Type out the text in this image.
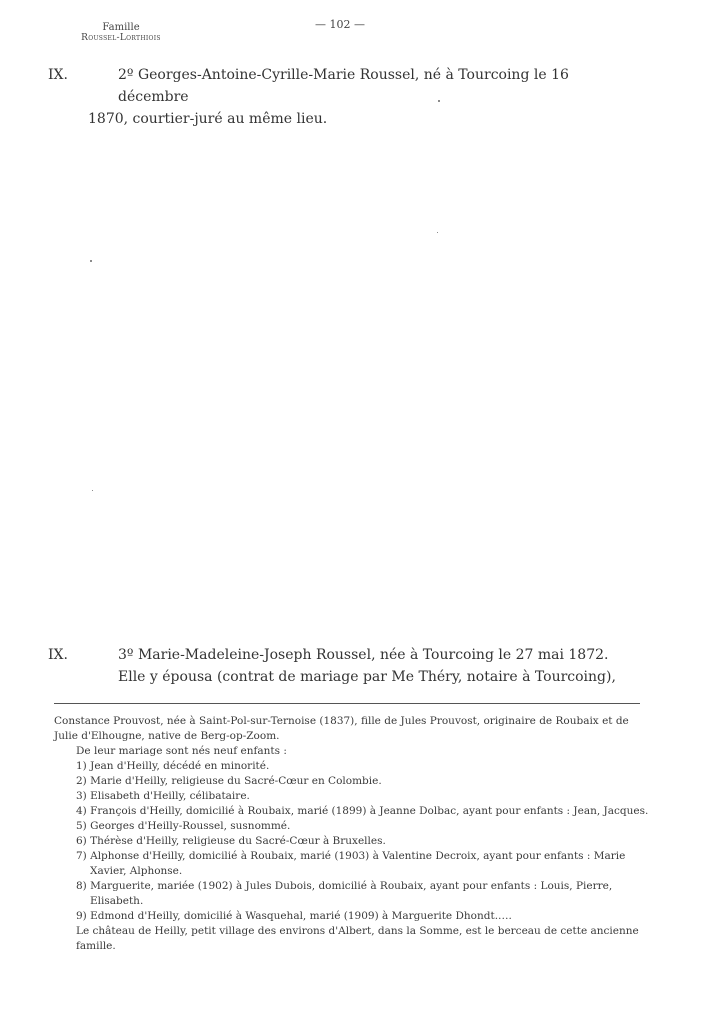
Famille
Roussel-Lorthiois
— 102 —
IX.	2º Georges-Antoine-Cyrille-Marie Roussel, né à Tourcoing le 16 décembre
1870, courtier-juré au même lieu.
IX.	3º Marie-Madeleine-Joseph Roussel, née à Tourcoing le 27 mai 1872.
Elle y épousa (contrat de mariage par Me Théry, notaire à Tourcoing),

Constance Prouvost, née à Saint-Pol-sur-Ternoise (1837), fille de Jules Prouvost, originaire de Roubaix et de Julie d'Elhougne, native de Berg-op-Zoom.

De leur mariage sont nés neuf enfants :

1) Jean d'Heilly, décédé en minorité.

2) Marie d'Heilly, religieuse du Sacré-Cœur en Colombie.

3) Elisabeth d'Heilly, célibataire.

4) François d'Heilly, domicilié à Roubaix, marié (1899) à Jeanne Dolbac, ayant pour enfants : Jean, Jacques.

5) Georges d'Heilly-Roussel, susnommé.

6) Thérèse d'Heilly, religieuse du Sacré-Cœur à Bruxelles.

7) Alphonse d'Heilly, domicilié à Roubaix, marié (1903) à Valentine Decroix, ayant pour enfants : Marie Xavier, Alphonse.

8) Marguerite, mariée (1902) à Jules Dubois, domicilié à Roubaix, ayant pour enfants : Louis, Pierre, Elisabeth.

9) Edmond d'Heilly, domicilié à Wasquehal, marié (1909) à Marguerite Dhondt.….

Le château de Heilly, petit village des environs d'Albert, dans la Somme, est le berceau de cette ancienne famille.
